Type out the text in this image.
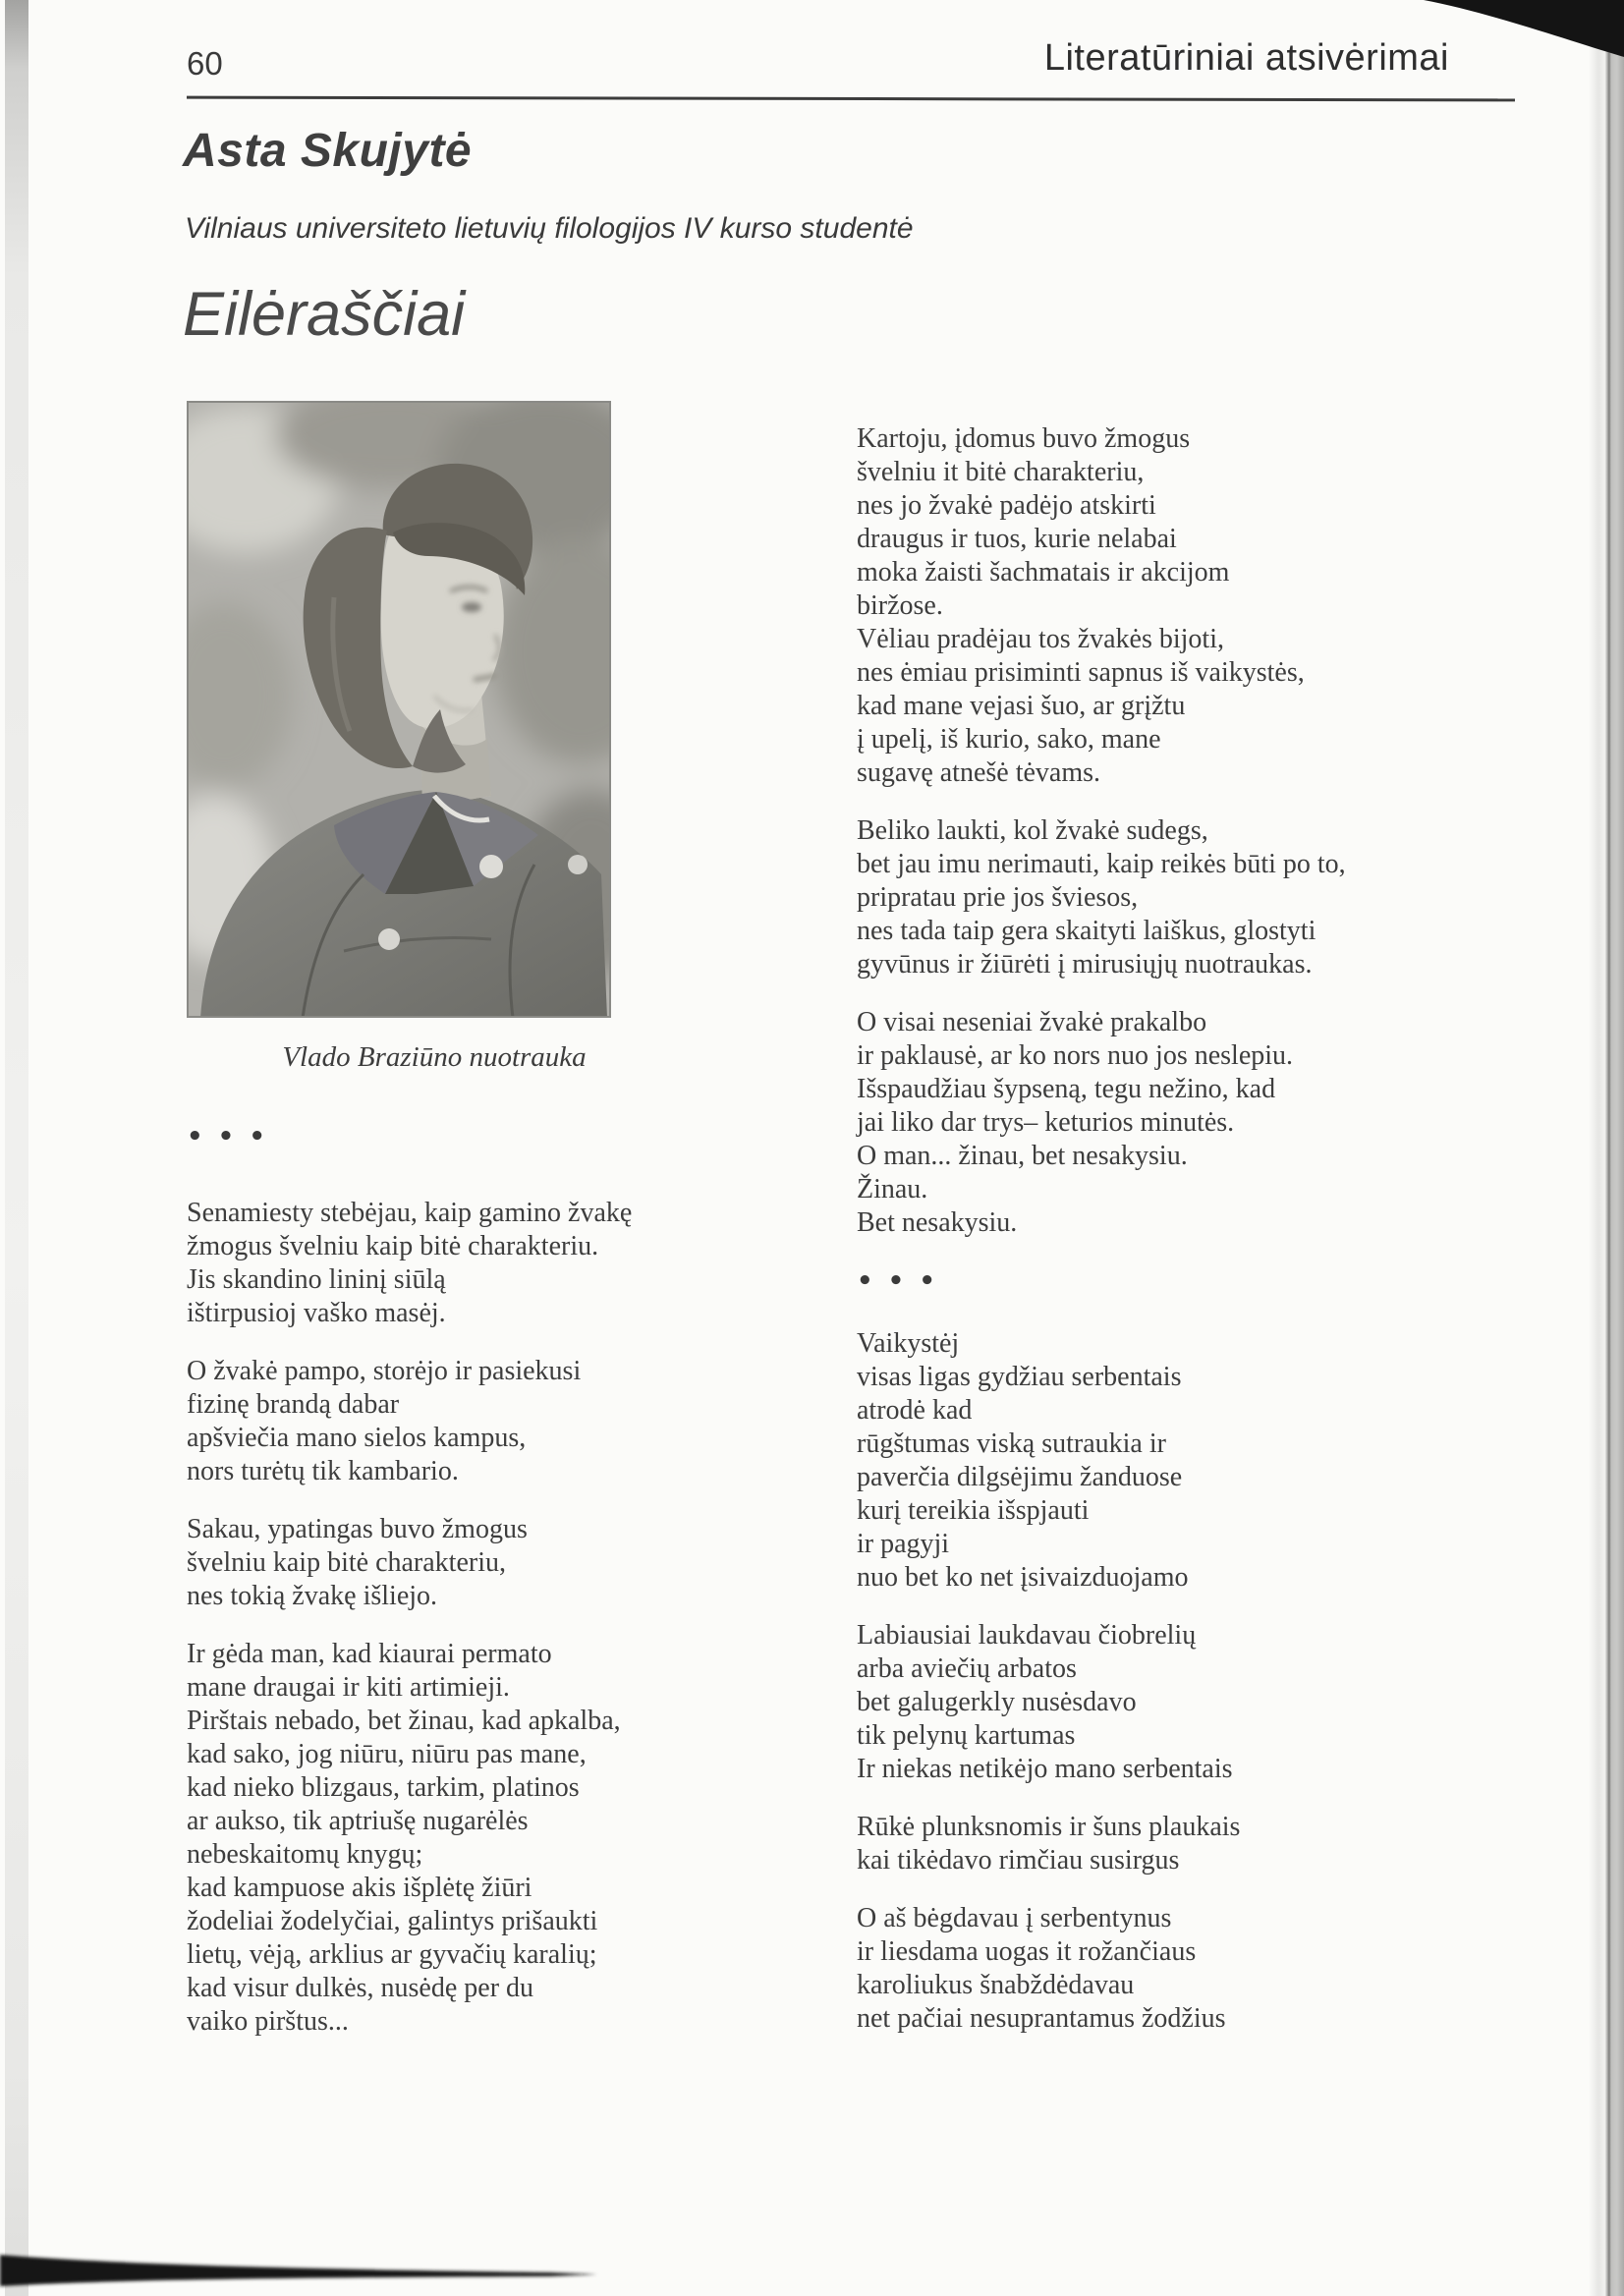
60	Literatūriniai atsivėrimai
Asta Skujytė
Vilniaus universiteto lietuvių filologijos IV kurso studentė
Eilėraščiai
Vlado Braziūno nuotrauka
• • •
Senamiesty stebėjau, kaip gamino žvakę
žmogus švelniu kaip bitė charakteriu.
Jis skandino lininį siūlą
ištirpusioj vaško masėj.
O žvakė pampo, storėjo ir pasiekusi
fizinę brandą dabar
apšviečia mano sielos kampus,
nors turėtų tik kambario.
Sakau, ypatingas buvo žmogus
švelniu kaip bitė charakteriu,
nes tokią žvakę išliejo.
Ir gėda man, kad kiaurai permato
mane draugai ir kiti artimieji.
Pirštais nebado, bet žinau, kad apkalba,
kad sako, jog niūru, niūru pas mane,
kad nieko blizgaus, tarkim, platinos
ar aukso, tik aptriušę nugarėlės
nebeskaitomų knygų;
kad kampuose akis išplėtę žiūri
žodeliai žodelyčiai, galintys prišaukti
lietų, vėją, arklius ar gyvačių karalių;
kad visur dulkės, nusėdę per du
vaiko pirštus...
Kartoju, įdomus buvo žmogus
švelniu it bitė charakteriu,
nes jo žvakė padėjo atskirti
draugus ir tuos, kurie nelabai
moka žaisti šachmatais ir akcijom
biržose.
Vėliau pradėjau tos žvakės bijoti,
nes ėmiau prisiminti sapnus iš vaikystės,
kad mane vejasi šuo, ar grįžtu
į upelį, iš kurio, sako, mane
sugavę atnešė tėvams.
Beliko laukti, kol žvakė sudegs,
bet jau imu nerimauti, kaip reikės būti po to,
pripratau prie jos šviesos,
nes tada taip gera skaityti laiškus, glostyti
gyvūnus ir žiūrėti į mirusiųjų nuotraukas.
O visai neseniai žvakė prakalbo
ir paklausė, ar ko nors nuo jos neslepiu.
Išspaudžiau šypseną, tegu nežino, kad
jai liko dar trys– keturios minutės.
O man... žinau, bet nesakysiu.
Žinau.
Bet nesakysiu.
• • •
Vaikystėj
visas ligas gydžiau serbentais
atrodė kad
rūgštumas viską sutraukia ir
paverčia dilgsėjimu žanduose
kurį tereikia išspjauti
ir pagyji
nuo bet ko net įsivaizduojamo
Labiausiai laukdavau čiobrelių
arba aviečių arbatos
bet galugerkly nusėsdavo
tik pelynų kartumas
Ir niekas netikėjo mano serbentais
Rūkė plunksnomis ir šuns plaukais
kai tikėdavo rimčiau susirgus
O aš bėgdavau į serbentynus
ir liesdama uogas it rožančiaus
karoliukus šnabždėdavau
net pačiai nesuprantamus žodžius
